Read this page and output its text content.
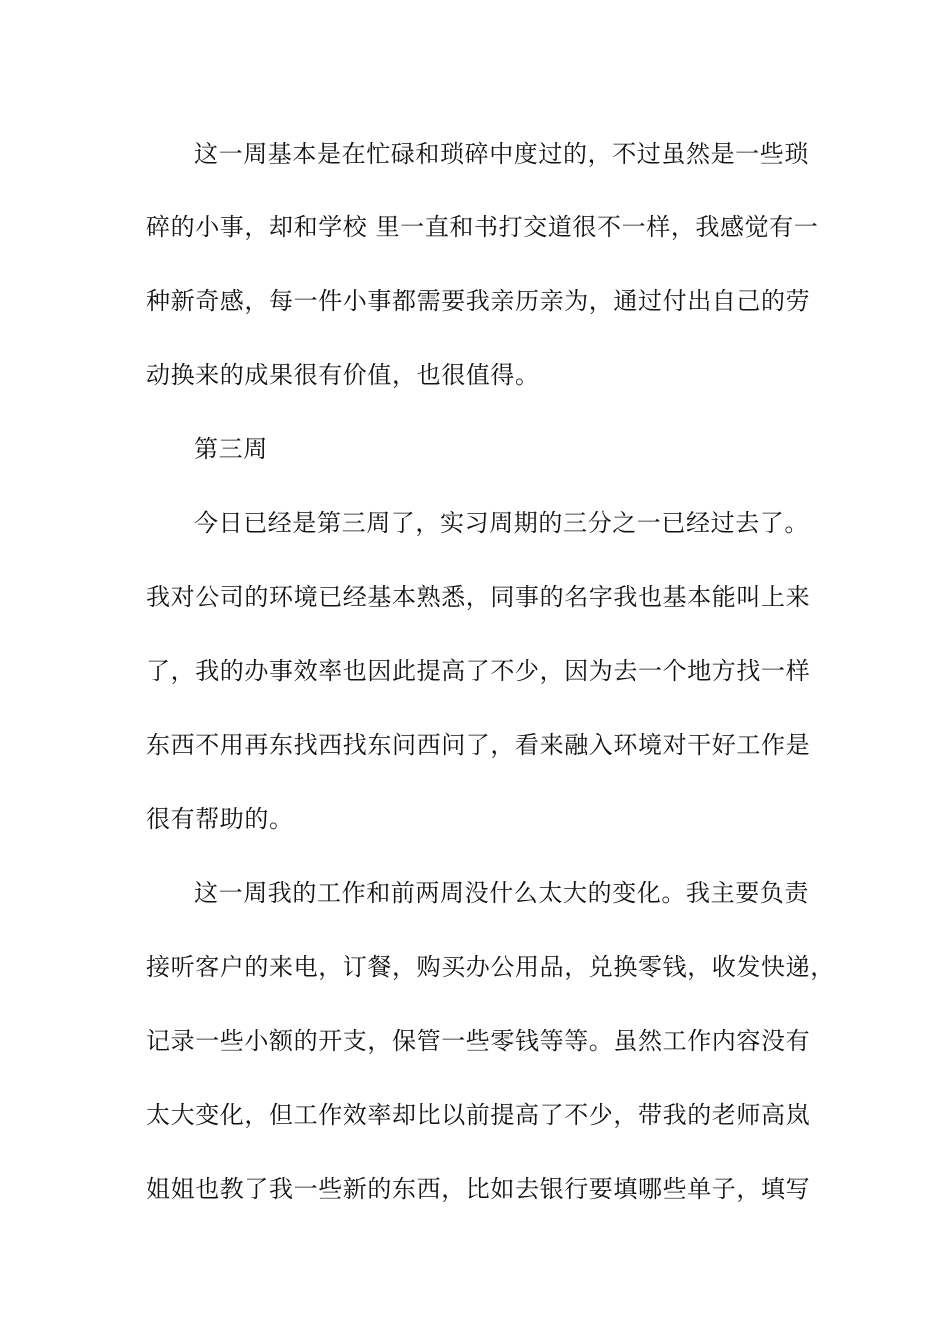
这一周基本是在忙碌和琐碎中度过的，不过虽然是一些琐
碎的小事，却和学校 里一直和书打交道很不一样，我感觉有一
种新奇感，每一件小事都需要我亲历亲为，通过付出自己的劳
动换来的成果很有价值，也很值得。
第三周
今日已经是第三周了，实习周期的三分之一已经过去了。
我对公司的环境已经基本熟悉，同事的名字我也基本能叫上来
了，我的办事效率也因此提高了不少，因为去一个地方找一样
东西不用再东找西找东问西问了，看来融入环境对干好工作是
很有帮助的。
这一周我的工作和前两周没什么太大的变化。我主要负责
接听客户的来电，订餐，购买办公用品，兑换零钱，收发快递，
记录一些小额的开支，保管一些零钱等等。虽然工作内容没有
太大变化，但工作效率却比以前提高了不少，带我的老师高岚
姐姐也教了我一些新的东西，比如去银行要填哪些单子，填写
